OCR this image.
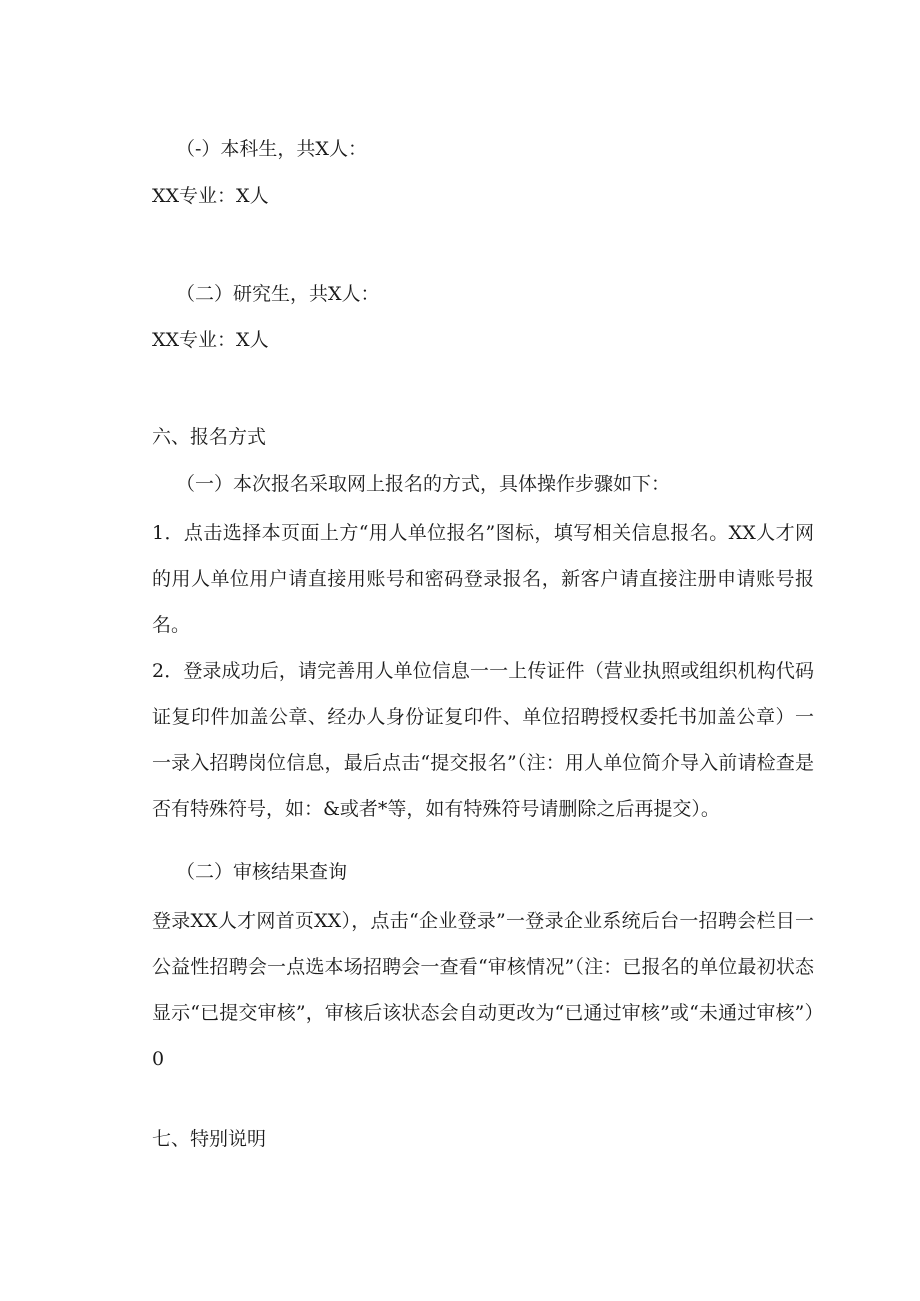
（-）本科生，共X人：
XX专业：X人
（二）研究生，共X人：
XX专业：X人
六、报名方式
（一）本次报名采取网上报名的方式，具体操作步骤如下：
1．点击选择本页面上方“用人单位报名”图标，填写相关信息报名。XX人才网的用人单位用户请直接用账号和密码登录报名，新客户请直接注册申请账号报名。
2．登录成功后，请完善用人单位信息一一上传证件（营业执照或组织机构代码证复印件加盖公章、经办人身份证复印件、单位招聘授权委托书加盖公章）一一录入招聘岗位信息，最后点击“提交报名”（注：用人单位简介导入前请检查是否有特殊符号，如：&或者*等，如有特殊符号请删除之后再提交）。
（二）审核结果查询
登录XX人才网首页XX），点击“企业登录”一登录企业系统后台一招聘会栏目一公益性招聘会一点选本场招聘会一查看“审核情况”（注：已报名的单位最初状态显示“已提交审核”，审核后该状态会自动更改为“已通过审核”或“未通过审核”）0
七、特别说明
